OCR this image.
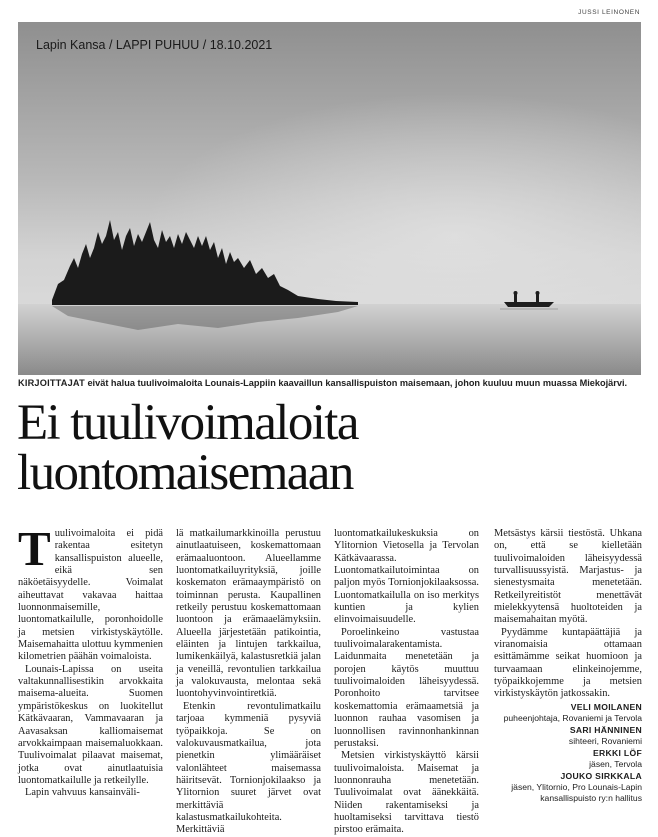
JUSSI LEINONEN
Lapin Kansa / LAPPI PUHUU / 18.10.2021
KIRJOITTAJAT eivät halua tuulivoimaloita Lounais-Lappiin kaavaillun kansallispuiston maisemaan, johon kuuluu muun muassa Miekojärvi.
Ei tuulivoimaloita luontomaisemaan
T uulivoimaloita ei pidä rakentaa esitetyn kansallispuiston alueelle, eikä sen näköetäisyydelle. Voimalat aiheuttavat vakavaa haittaa luonnonmaisemille, luontomatkailulle, poronhoidolle ja metsien virkistyskäytölle. Maisemahaitta ulottuu kymmenien kilometrien päähän voimaloista.

Lounais-Lapissa on useita valtakunnallisestikin arvokkaita maisema-alueita. Suomen ympäristökeskus on luokitellut Kätkävaaran, Vammavaaran ja Aavasaksan kalliomaisemat arvokkaimpaan maisemaluokkaan. Tuulivoimalat pilaavat maisemat, jotka ovat ainutlaatuisia luontomatkailulle ja retkeilylle.

Lapin vahvuus kansainväli-

lä matkailumarkkinoilla perustuu ainutlaatuiseen, koskemattomaan erämaaluontoon. Alueellamme luontomatkailuyrityksiä, joille koskematon erämaaympäristö on toiminnan perusta. Kaupallinen retkeily perustuu koskemattomaan luontoon ja erämaaelämyksiin. Alueella järjestetään patikointia, eläinten ja lintujen tarkkailua, lumikenkäilyä, kalastusretkiä jalan ja veneillä, revontulien tarkkailua ja valokuvausta, melontaa sekä luontohyvinvointiretkiä.

Etenkin revontulimatkailu tarjoaa kymmeniä pysyviä työpaikkoja. Se on valokuvausmatkailua, jota pienetkin ylimääräiset valonlähteet maisemassa häiritsevät. Tornionjokilaakso ja Ylitornion suuret järvet ovat merkittäviä kalastusmatkailukohteita. Merkittäviä

luontomatkailukeskuksia on Ylitornion Vietosella ja Tervolan Kätkävaarassa. Luontomatkailutoimintaa on paljon myös Tornionjokilaaksossa. Luontomatkailulla on iso merkitys kuntien ja kylien elinvoimaisuudelle.

Poroelinkeino vastustaa tuulivoimalarakentamista. Laidunmaita menetetään ja porojen käytös muuttuu tuulivoimaloiden läheisyydessä. Poronhoito tarvitsee koskemattomia erämaametsiä ja luonnon rauhaa vasomisen ja luonnollisen ravinnonhankinnan perustaksi.

Metsien virkistyskäyttö kärsii tuulivoimaloista. Maisemat ja luonnonrauha menetetään. Tuulivoimalat ovat äänekkäitä. Niiden rakentamiseksi ja huoltamiseksi tarvittava tiestö pirstoo erämaita.

Metsästys kärsii tiestöstä. Uhkana on, että se kielletään tuulivoimaloiden läheisyydessä turvallisuussyistä. Marjastus- ja sienestysmaita menetetään. Retkeilyreitistöt menettävät mielekkyytensä huoltoteiden ja maisemahaitan myötä.

Pyydämme kuntapäättäjiä ja viranomaisia ottamaan esittämämme seikat huomioon ja turvaamaan elinkeinojemme, työpaikkojemme ja metsien virkistyskäytön jatkossakin.

VELI MOILANEN
puheenjohtaja, Rovaniemi ja Tervola
SARI HÄNNINEN
sihteeri, Rovaniemi
ERKKI LÖF
jäsen, Tervola
JOUKO SIRKKALA
jäsen, Ylitornio, Pro Lounais-Lapin kansallispuisto ry:n hallitus
